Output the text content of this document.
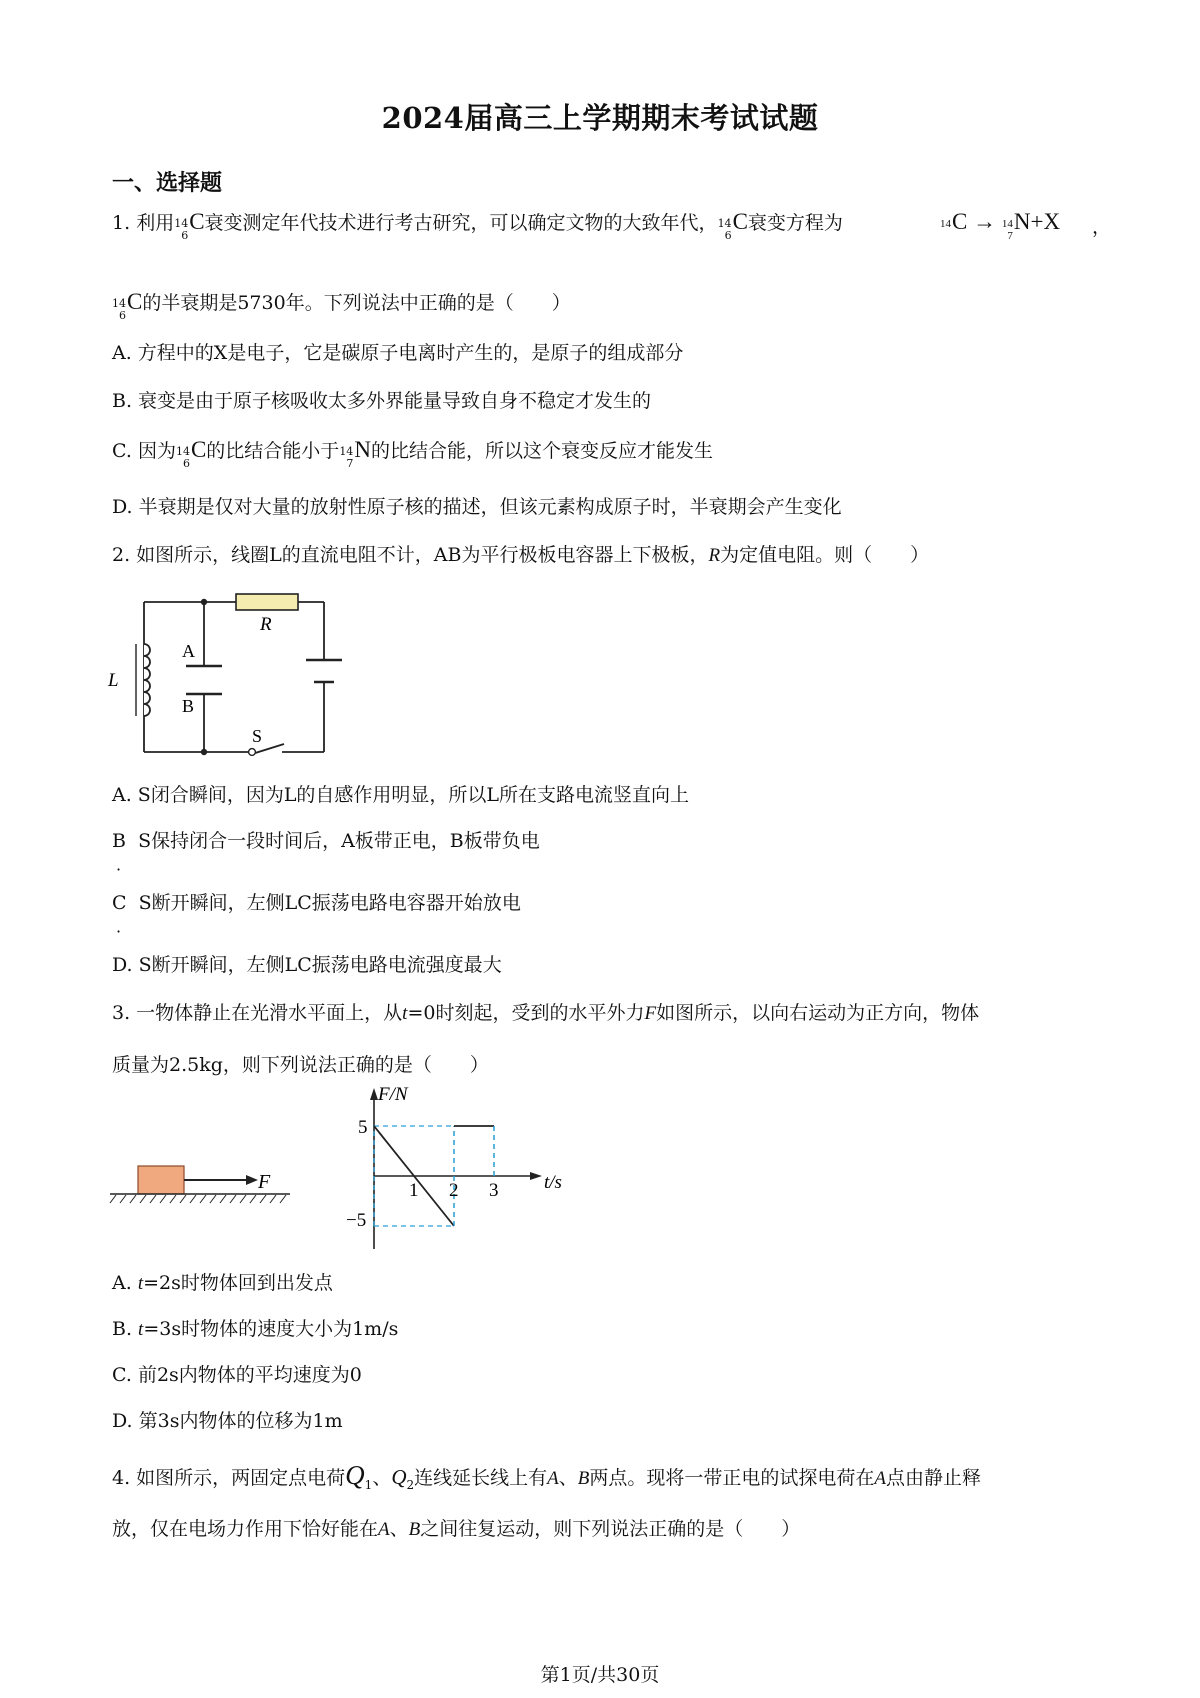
2024届高三上学期期末考试试题
一、选择题
1. 利用 14
6
C衰变测定年代技术进行考古研究，可以确定文物的大致年代， 14
6
C衰变方程为	14
C → 14
7
N+X ，
14
6
C的半衰期是5730年。下列说法中正确的是（　　）
A. 方程中的X是电子，它是碳原子电离时产生的，是原子的组成部分
B. 衰变是由于原子核吸收太多外界能量导致自身不稳定才发生的
C. 因为 14
6
C的比结合能小于 14
7
N的比结合能，所以这个衰变反应才能发生
D. 半衰期是仅对大量的放射性原子核的描述，但该元素构成原子时，半衰期会产生变化
2. 如图所示，线圈L的直流电阻不计，AB为平行极板电容器上下极板，R为定值电阻。则（　　）
R
A
B
L
S
A. S闭合瞬间，因为L的自感作用明显，所以L所在支路电流竖直向上
B S保持闭合一段时间后，A板带正电，B板带负电
·
C S断开瞬间，左侧LC振荡电路电容器开始放电
·
D. S断开瞬间，左侧LC振荡电路电流强度最大
3. 一物体静止在光滑水平面上，从t=0时刻起，受到的水平外力F如图所示，以向右运动为正方向，物体
质量为2.5kg，则下列说法正确的是（　　）
F
F/N
t/s
5
−5
1 2 3
A. t=2s时物体回到出发点
B. t=3s时物体的速度大小为1m/s
C. 前2s内物体的平均速度为0
D. 第3s内物体的位移为1m
4. 如图所示，两固定点电荷$Q_1$、$Q_2$连线延长线上有A、B两点。现将一带正电的试探电荷在A点由静止释
放，仅在电场力作用下恰好能在A、B之间往复运动，则下列说法正确的是（　　）
第1页/共30页
